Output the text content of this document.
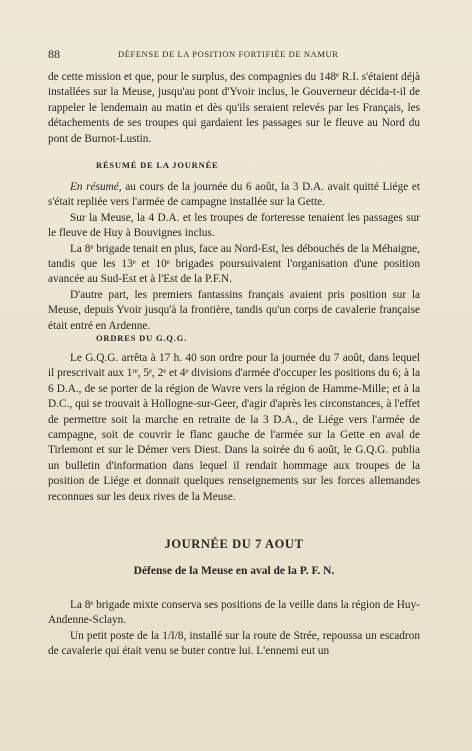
88	DÉFENSE DE LA POSITION FORTIFIÉE DE NAMUR

de cette mission et que, pour le surplus, des compagnies du 148ᵉ R.I. s'étaient déjà installées sur la Meuse, jusqu'au pont d'Yvoir inclus, le Gouverneur décida-t-il de rappeler le lendemain au matin et dès qu'ils seraient relevés par les Français, les détachements de ses troupes qui gardaient les passages sur le fleuve au Nord du pont de Burnot-Lustin.

RÉSUMÉ DE LA JOURNÉE

En résumé, au cours de la journée du 6 août, la 3 D.A. avait quitté Liége et s'était repliée vers l'armée de campagne installée sur la Gette.

Sur la Meuse, la 4 D.A. et les troupes de forteresse tenaient les passages sur le fleuve de Huy à Bouvignes inclus.

La 8ᵉ brigade tenait en plus, face au Nord-Est, les débouchés de la Méhaigne, tandis que les 13ᵉ et 10ᵉ brigades poursuivaient l'organisation d'une position avancée au Sud-Est et à l'Est de la P.F.N.

D'autre part, les premiers fantassins français avaient pris position sur la Meuse, depuis Yvoir jusqu'à la frontière, tandis qu'un corps de cavalerie française était entré en Ardenne.

ORDRES DU G.Q.G.

Le G.Q.G. arrêta à 17 h. 40 son ordre pour la journée du 7 août, dans lequel il prescrivait aux 1ʳᵉ, 5ᵉ, 2ᵉ et 4ᵉ divisions d'armée d'occuper les positions du 6; à la 6 D.A., de se porter de la région de Wavre vers la région de Hamme-Mille; et à la D.C., qui se trouvait à Hollogne-sur-Geer, d'agir d'après les circonstances, à l'effet de permettre soit la marche en retraite de la 3 D.A., de Liége vers l'armée de campagne, soit de couvrir le flanc gauche de l'armée sur la Gette en aval de Tirlemont et sur le Démer vers Diest. Dans la soirée du 6 août, le G.Q.G. publia un bulletin d'information dans lequel il rendait hommage aux troupes de la position de Liége et donnait quelques renseignements sur les forces allemandes reconnues sur les deux rives de la Meuse.

JOURNÉE DU 7 AOUT
Défense de la Meuse en aval de la P. F. N.

La 8ᵉ brigade mixte conserva ses positions de la veille dans la région de Huy-Andenne-Sclayn.

Un petit poste de la 1/I/8, installé sur la route de Strée, repoussa un escadron de cavalerie qui était venu se buter contre lui. L'ennemi eut un
